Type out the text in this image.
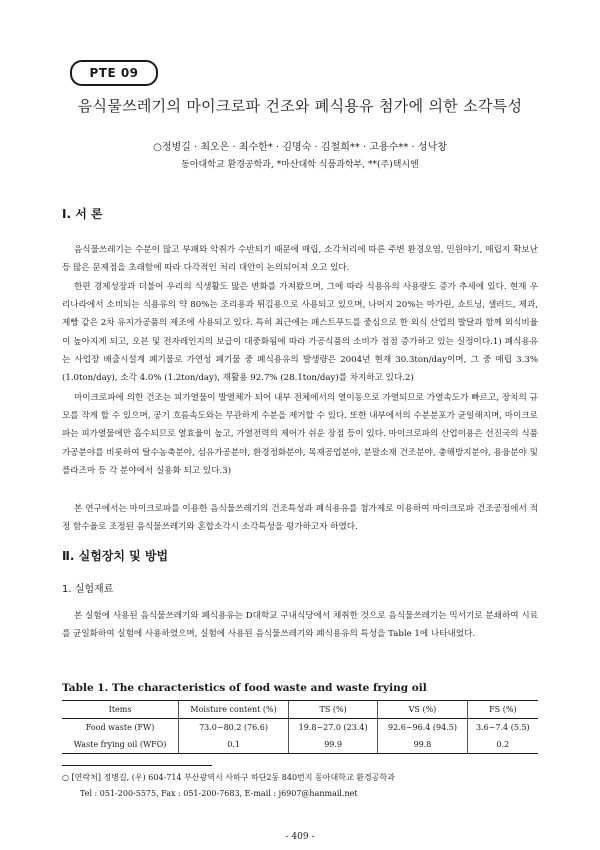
PTE 09
음식물쓰레기의 마이크로파 건조와 폐식용유 첨가에 의한 소각특성
○정병길 · 최오은 · 최수한* · 김명숙 · 김철희** · 고용수** · 성낙창
동아대학교 환경공학과, *마산대학 식품과학부, **(주)택시엔
Ⅰ. 서 론

음식물쓰레기는 수분이 많고 부패와 악취가 수반되기 때문에 매립, 소각처리에 따른 주변 환경오염, 민원야기, 매립지 확보난 등 많은 문제점을 초래함에 따라 다각적인 처리 대안이 논의되어져 오고 있다.

한편 경제성장과 더불어 우리의 식생활도 많은 변화를 가져왔으며, 그에 따라 식용유의 사용량도 증가 추세에 있다. 현재 우리나라에서 소비되는 식용유의 약 80%는 조리용과 튀김용으로 사용되고 있으며, 나머지 20%는 마가린, 쇼트닝, 샐러드, 제과, 제빵 같은 2차 유지가공품의 제조에 사용되고 있다. 특히 최근에는 패스트푸드를 중심으로 한 외식 산업의 발달과 함께 외식비율이 높아지게 되고, 오븐 및 전자레인지의 보급이 대중화됨에 따라 가공식품의 소비가 점점 증가하고 있는 실정이다.1) 폐식용유는 사업장 배출시설계 폐기물로 가연성 폐기물 중 폐식용유의 발생량은 2004년 현재 30.3ton/day이며, 그 중 매립 3.3% (1.0ton/day), 소각 4.0% (1.2ton/day), 재활용 92.7% (28.1ton/day)를 차지하고 있다.2)

마이크로파에 의한 건조는 피가열물이 발열체가 되어 내부 전체에서의 열이동으로 가열되므로 가열속도가 빠르고, 장치의 규모를 작게 할 수 있으며, 공기 흐름속도와는 무관하게 수분을 제거할 수 있다. 또한 내부에서의 수분분포가 균일해지며, 마이크로파는 피가열물에만 흡수되므로 열효율이 높고, 가열전력의 제어가 쉬운 장점 등이 있다. 마이크로파의 산업이용은 선진국의 식품 가공분야를 비롯하여 탈수농축분야, 섬유가공분야, 환경정화분야, 목재공업분야, 분말소재 건조분야, 충해방지분야, 용융분야 및 플라즈마 등 각 분야에서 실용화 되고 있다.3)

본 연구에서는 마이크로파를 이용한 음식물쓰레기의 건조특성과 폐식용유를 첨가제로 이용하여 마이크로파 건조공정에서 적정 함수율로 조정된 음식물쓰레기와 혼합소각시 소각특성을 평가하고자 하였다.

Ⅱ. 실험장치 및 방법
1. 실험재료

본 실험에 사용된 음식물쓰레기와 폐식용유는 D대학교 구내식당에서 채취한 것으로 음식물쓰레기는 믹서기로 분쇄하여 시료를 균일화하여 실험에 사용하였으며, 실험에 사용된 음식물쓰레기와 폐식용유의 특성을 Table 1에 나타내었다.

Table 1. The characteristics of food waste and waste frying oil
Items	Moisture content (%)	TS (%)	VS (%)	FS (%)
Food waste (FW)	73.0~80.2 (76.6)	19.8~27.0 (23.4)	92.6~96.4 (94.5)	3.6~7.4 (5.5)
Waste frying oil (WFO)	0.1	99.9	99.8	0.2
○ [연락처] 정병길, (우) 604-714 부산광역시 사하구 하단2동 840번지 동아대학교 환경공학과
Tel : 051-200-5575, Fax : 051-200-7683, E-mail : j6907@hanmail.net
- 409 -
